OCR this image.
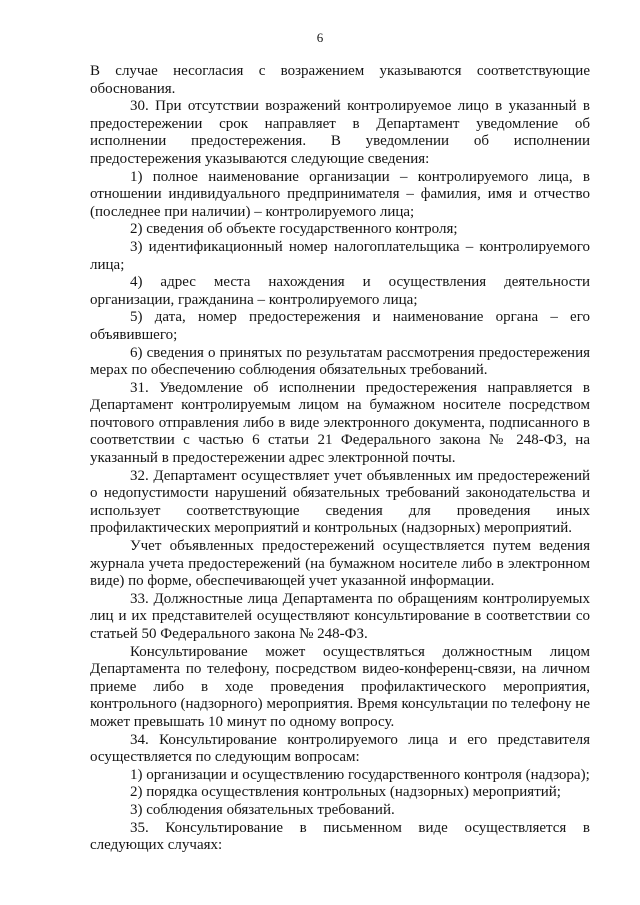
6

В случае несогласия с возражением указываются соответствующие обоснования.

30. При отсутствии возражений контролируемое лицо в указанный в предостережении срок направляет в Департамент уведомление об исполнении предостережения. В уведомлении об исполнении предостережения указываются следующие сведения:

1) полное наименование организации – контролируемого лица, в отношении индивидуального предпринимателя – фамилия, имя и отчество (последнее при наличии) – контролируемого лица;

2) сведения об объекте государственного контроля;

3) идентификационный номер налогоплательщика – контролируемого лица;

4) адрес места нахождения и осуществления деятельности организации, гражданина – контролируемого лица;

5) дата, номер предостережения и наименование органа – его объявившего;

6) сведения о принятых по результатам рассмотрения предостережения мерах по обеспечению соблюдения обязательных требований.

31. Уведомление об исполнении предостережения направляется в Департамент контролируемым лицом на бумажном носителе посредством почтового отправления либо в виде электронного документа, подписанного в соответствии с частью 6 статьи 21 Федерального закона № 248-ФЗ, на указанный в предостережении адрес электронной почты.

32. Департамент осуществляет учет объявленных им предостережений о недопустимости нарушений обязательных требований законодательства и использует соответствующие сведения для проведения иных профилактических мероприятий и контрольных (надзорных) мероприятий.

Учет объявленных предостережений осуществляется путем ведения журнала учета предостережений (на бумажном носителе либо в электронном виде) по форме, обеспечивающей учет указанной информации.

33. Должностные лица Департамента по обращениям контролируемых лиц и их представителей осуществляют консультирование в соответствии со статьей 50 Федерального закона № 248-ФЗ.

Консультирование может осуществляться должностным лицом Департамента по телефону, посредством видео-конференц-связи, на личном приеме либо в ходе проведения профилактического мероприятия, контрольного (надзорного) мероприятия. Время консультации по телефону не может превышать 10 минут по одному вопросу.

34. Консультирование контролируемого лица и его представителя осуществляется по следующим вопросам:

1) организации и осуществлению государственного контроля (надзора);

2) порядка осуществления контрольных (надзорных) мероприятий;

3) соблюдения обязательных требований.

35. Консультирование в письменном виде осуществляется в следующих случаях:
